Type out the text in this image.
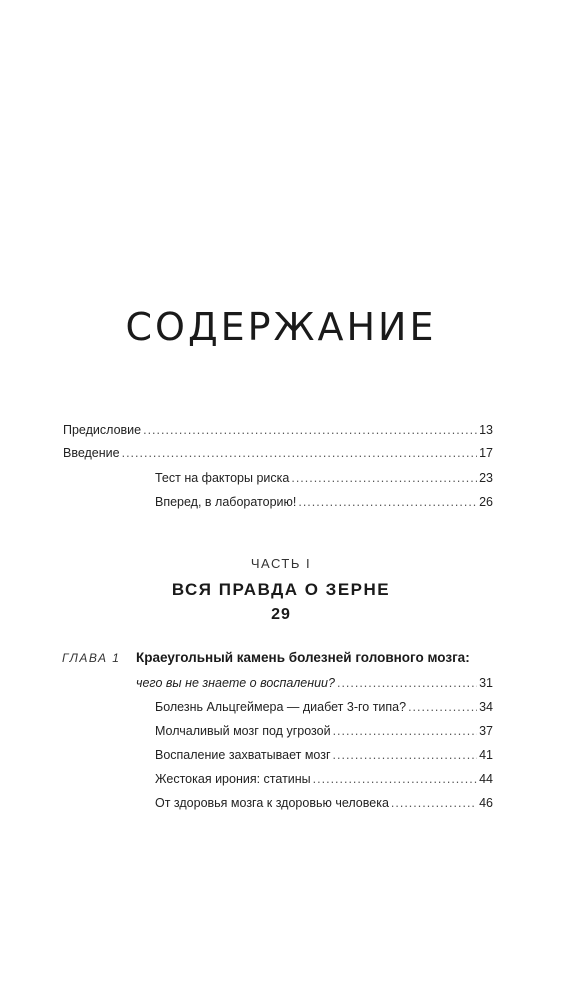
СОДЕРЖАНИЕ
Предисловие .....	13
Введение .....	17
Тест на факторы риска .....	23
Вперед, в лабораторию! .....	26
ЧАСТЬ I
ВСЯ ПРАВДА О ЗЕРНЕ
29
ГЛАВА 1 Краеугольный камень болезней головного мозга:
чего вы не знаете о воспалении? .....	31
Болезнь Альцгеймера — диабет 3-го типа? .....	34
Молчаливый мозг под угрозой .....	37
Воспаление захватывает мозг .....	41
Жестокая ирония: статины .....	44
От здоровья мозга к здоровью человека .....	46
